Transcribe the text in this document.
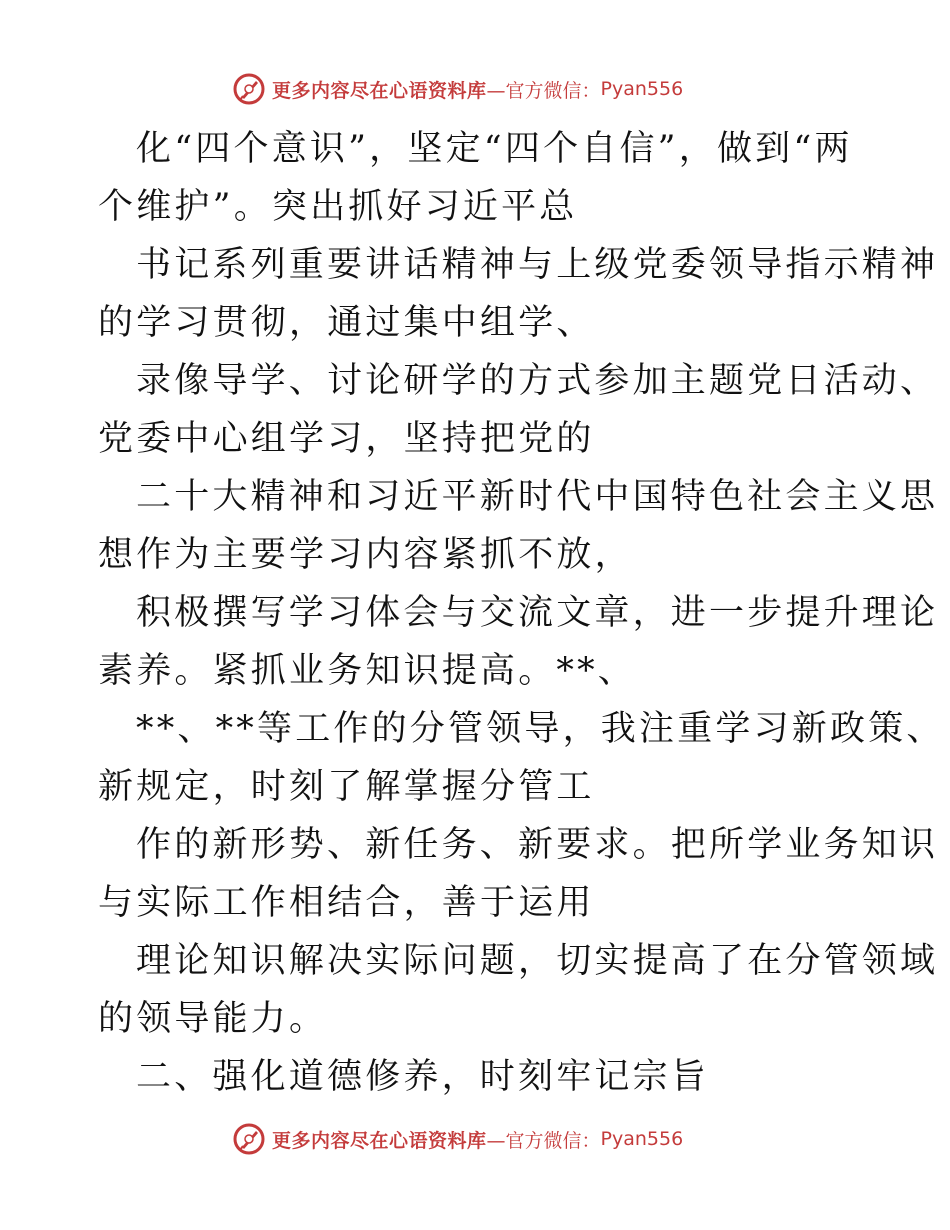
更多内容尽在心语资料库 —官方微信： Pyan556
化“四个意识”，坚定“四个自信”，做到“两
个维护”。突出抓好习近平总
书记系列重要讲话精神与上级党委领导指示精神
的学习贯彻，通过集中组学、
录像导学、讨论研学的方式参加主题党日活动、
党委中心组学习，坚持把党的
二十大精神和习近平新时代中国特色社会主义思
想作为主要学习内容紧抓不放，
积极撰写学习体会与交流文章，进一步提升理论
素养。紧抓业务知识提高。**、
**、**等工作的分管领导，我注重学习新政策、
新规定，时刻了解掌握分管工
作的新形势、新任务、新要求。把所学业务知识
与实际工作相结合，善于运用
理论知识解决实际问题，切实提高了在分管领域
的领导能力。
二、强化道德修养，时刻牢记宗旨
更多内容尽在心语资料库 —官方微信： Pyan556
